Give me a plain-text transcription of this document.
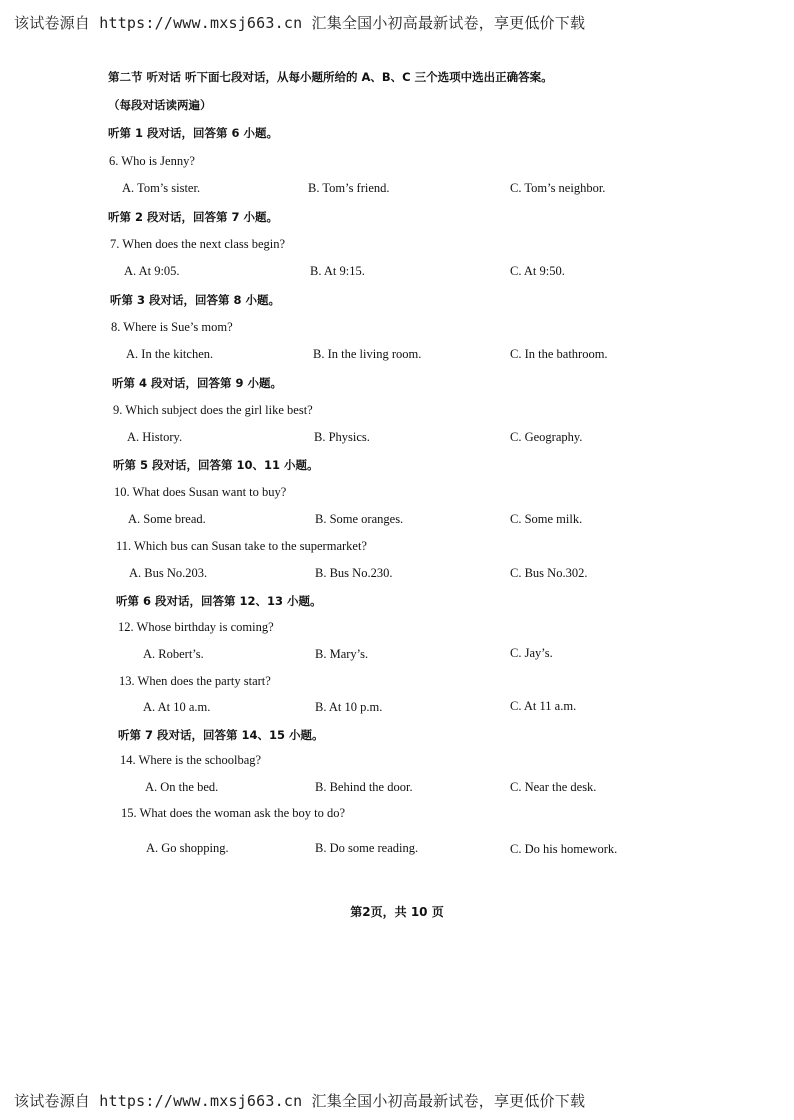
该试卷源自 https://www.mxsj663.cn 汇集全国小初高最新试卷，享更低价下载
第二节 听对话 听下面七段对话，从每小题所给的 A、B、C 三个选项中选出正确答案。
（每段对话读两遍）
听第 1 段对话，回答第 6 小题。
6. Who is Jenny?
A. Tom’s sister.	B. Tom’s friend.	C. Tom’s neighbor.
听第 2 段对话，回答第 7 小题。
7. When does the next class begin?
A. At 9:05.	B. At 9:15.	C. At 9:50.
听第 3 段对话，回答第 8 小题。
8. Where is Sue’s mom?
A. In the kitchen.	B. In the living room.	C. In the bathroom.
听第 4 段对话，回答第 9 小题。
9. Which subject does the girl like best?
A. History.	B. Physics.	C. Geography.
听第 5 段对话，回答第 10、11 小题。
10. What does Susan want to buy?
A. Some bread.	B. Some oranges.	C. Some milk.
11. Which bus can Susan take to the supermarket?
A. Bus No.203.	B. Bus No.230.	C. Bus No.302.
听第 6 段对话，回答第 12、13 小题。
12. Whose birthday is coming?
A. Robert’s.	B. Mary’s.	C. Jay’s.
13. When does the party start?
A. At 10 a.m.	B. At 10 p.m.	C. At 11 a.m.
听第 7 段对话，回答第 14、15 小题。
14. Where is the schoolbag?
A. On the bed.	B. Behind the door.	C. Near the desk.
15. What does the woman ask the boy to do?
A. Go shopping.	B. Do some reading.	C. Do his homework.
第2页，共 10 页
该试卷源自 https://www.mxsj663.cn 汇集全国小初高最新试卷，享更低价下载
